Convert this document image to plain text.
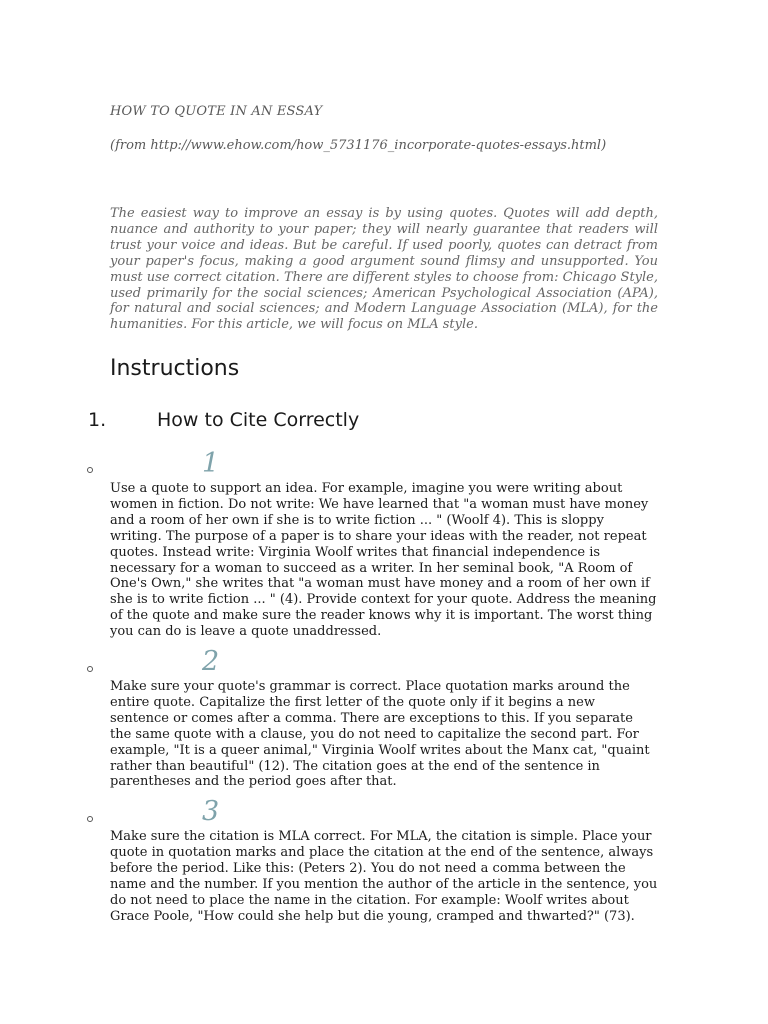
HOW TO QUOTE IN AN ESSAY
(from http://www.ehow.com/how_5731176_incorporate-quotes-essays.html)

The easiest way to improve an essay is by using quotes. Quotes will add depth, nuance and authority to your paper; they will nearly guarantee that readers will trust your voice and ideas. But be careful. If used poorly, quotes can detract from your paper's focus, making a good argument sound flimsy and unsupported. You must use correct citation. There are different styles to choose from: Chicago Style, used primarily for the social sciences; American Psychological Association (APA), for natural and social sciences; and Modern Language Association (MLA), for the humanities. For this article, we will focus on MLA style.

Instructions
1.	How to Cite Correctly
1

Use a quote to support an idea. For example, imagine you were writing about women in fiction. Do not write: We have learned that "a woman must have money and a room of her own if she is to write fiction ... " (Woolf 4). This is sloppy writing. The purpose of a paper is to share your ideas with the reader, not repeat quotes. Instead write: Virginia Woolf writes that financial independence is necessary for a woman to succeed as a writer. In her seminal book, "A Room of One's Own," she writes that "a woman must have money and a room of her own if she is to write fiction ... " (4). Provide context for your quote. Address the meaning of the quote and make sure the reader knows why it is important. The worst thing you can do is leave a quote unaddressed.

2

Make sure your quote's grammar is correct. Place quotation marks around the entire quote. Capitalize the first letter of the quote only if it begins a new sentence or comes after a comma. There are exceptions to this. If you separate the same quote with a clause, you do not need to capitalize the second part. For example, "It is a queer animal," Virginia Woolf writes about the Manx cat, "quaint rather than beautiful" (12). The citation goes at the end of the sentence in parentheses and the period goes after that.

3

Make sure the citation is MLA correct. For MLA, the citation is simple. Place your quote in quotation marks and place the citation at the end of the sentence, always before the period. Like this: (Peters 2). You do not need a comma between the name and the number. If you mention the author of the article in the sentence, you do not need to place the name in the citation. For example: Woolf writes about Grace Poole, "How could she help but die young, cramped and thwarted?" (73).
